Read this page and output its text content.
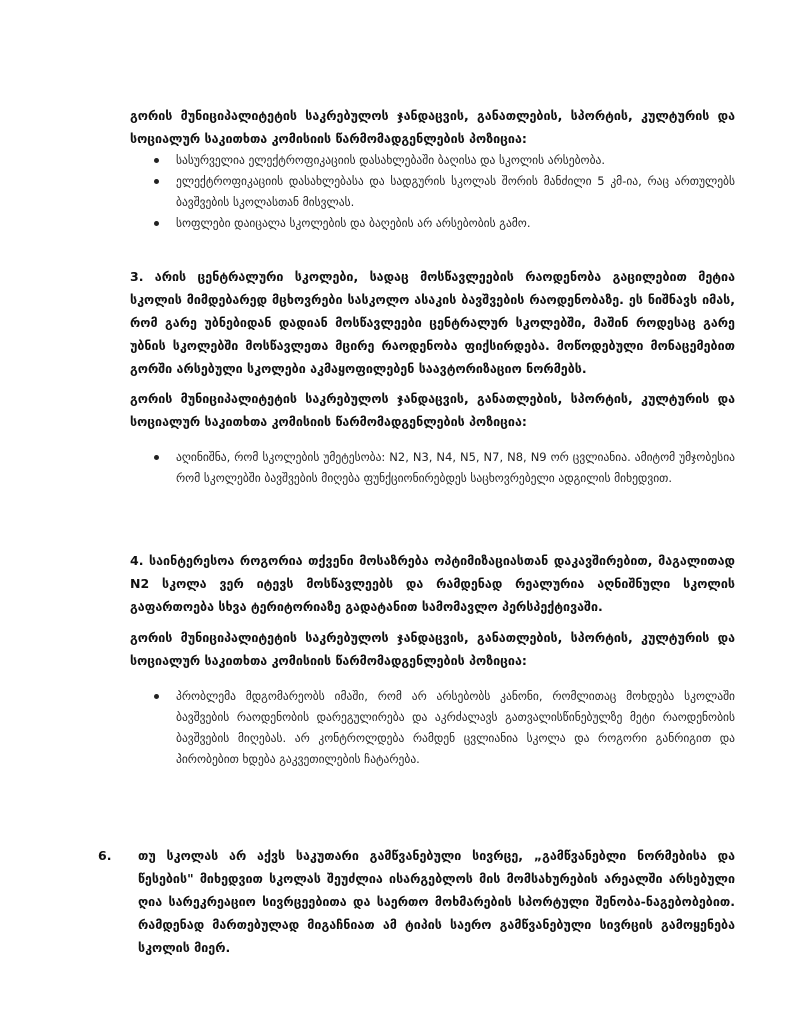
გორის მუნიციპალიტეტის საკრებულოს ჯანდაცვის, განათლების, სპორტის, კულტურის და სოციალურ საკითხთა კომისიის წარმომადგენლების პოზიცია:

სასურველია ელექტროფიკაციის დასახლებაში ბაღისა და სკოლის არსებობა.
ელექტროფიკაციის დასახლებასა და სადგურის სკოლას შორის მანძილი 5 კმ-ია, რაც ართულებს ბავშვების სკოლასთან მისვლას.
სოფლები დაიცალა სკოლების და ბაღების არ არსებობის გამო.

3. არის ცენტრალური სკოლები, სადაც მოსწავლეების რაოდენობა გაცილებით მეტია სკოლის მიმდებარედ მცხოვრები სასკოლო ასაკის ბავშვების რაოდენობაზე. ეს ნიშნავს იმას, რომ გარე უბნებიდან დადიან მოსწავლეები ცენტრალურ სკოლებში, მაშინ როდესაც გარე უბნის სკოლებში მოსწავლეთა მცირე რაოდენობა ფიქსირდება. მოწოდებული მონაცემებით გორში არსებული სკოლები აკმაყოფილებენ საავტორიზაციო ნორმებს.

გორის მუნიციპალიტეტის საკრებულოს ჯანდაცვის, განათლების, სპორტის, კულტურის და სოციალურ საკითხთა კომისიის წარმომადგენლების პოზიცია:

აღინიშნა, რომ სკოლების უმეტესობა: N2, N3, N4, N5, N7, N8, N9 ორ ცვლიანია. ამიტომ უმჯობესია რომ სკოლებში ბავშვების მიღება ფუნქციონირებდეს საცხოვრებელი ადგილის მიხედვით.

4. საინტერესოა როგორია თქვენი მოსაზრება ოპტიმიზაციასთან დაკავშირებით, მაგალითად N2 სკოლა ვერ იტევს მოსწავლეებს და რამდენად რეალურია აღნიშნული სკოლის გაფართოება სხვა ტერიტორიაზე გადატანით სამომავლო პერსპექტივაში.

გორის მუნიციპალიტეტის საკრებულოს ჯანდაცვის, განათლების, სპორტის, კულტურის და სოციალურ საკითხთა კომისიის წარმომადგენლების პოზიცია:

პრობლემა მდგომარეობს იმაში, რომ არ არსებობს კანონი, რომლითაც მოხდება სკოლაში ბავშვების რაოდენობის დარეგულირება და აკრძალავს გათვალისწინებულზე მეტი რაოდენობის ბავშვების მიღებას. არ კონტროლდება რამდენ ცვლიანია სკოლა და როგორი განრიგით და პირობებით ხდება გაკვეთილების ჩატარება.
6. თუ სკოლას არ აქვს საკუთარი გამწვანებული სივრცე, „გამწვანებლი ნორმებისა და წესების" მიხედვით სკოლას შეუძლია ისარგებლოს მის მომსახურების არეალში არსებული ღია სარეკრეაციო სივრცეებითა და საერთო მოხმარების სპორტული შენობა-ნაგებობებით. რამდენად მართებულად მიგაჩნიათ ამ ტიპის საერო გამწვანებული სივრცის გამოყენება სკოლის მიერ.
